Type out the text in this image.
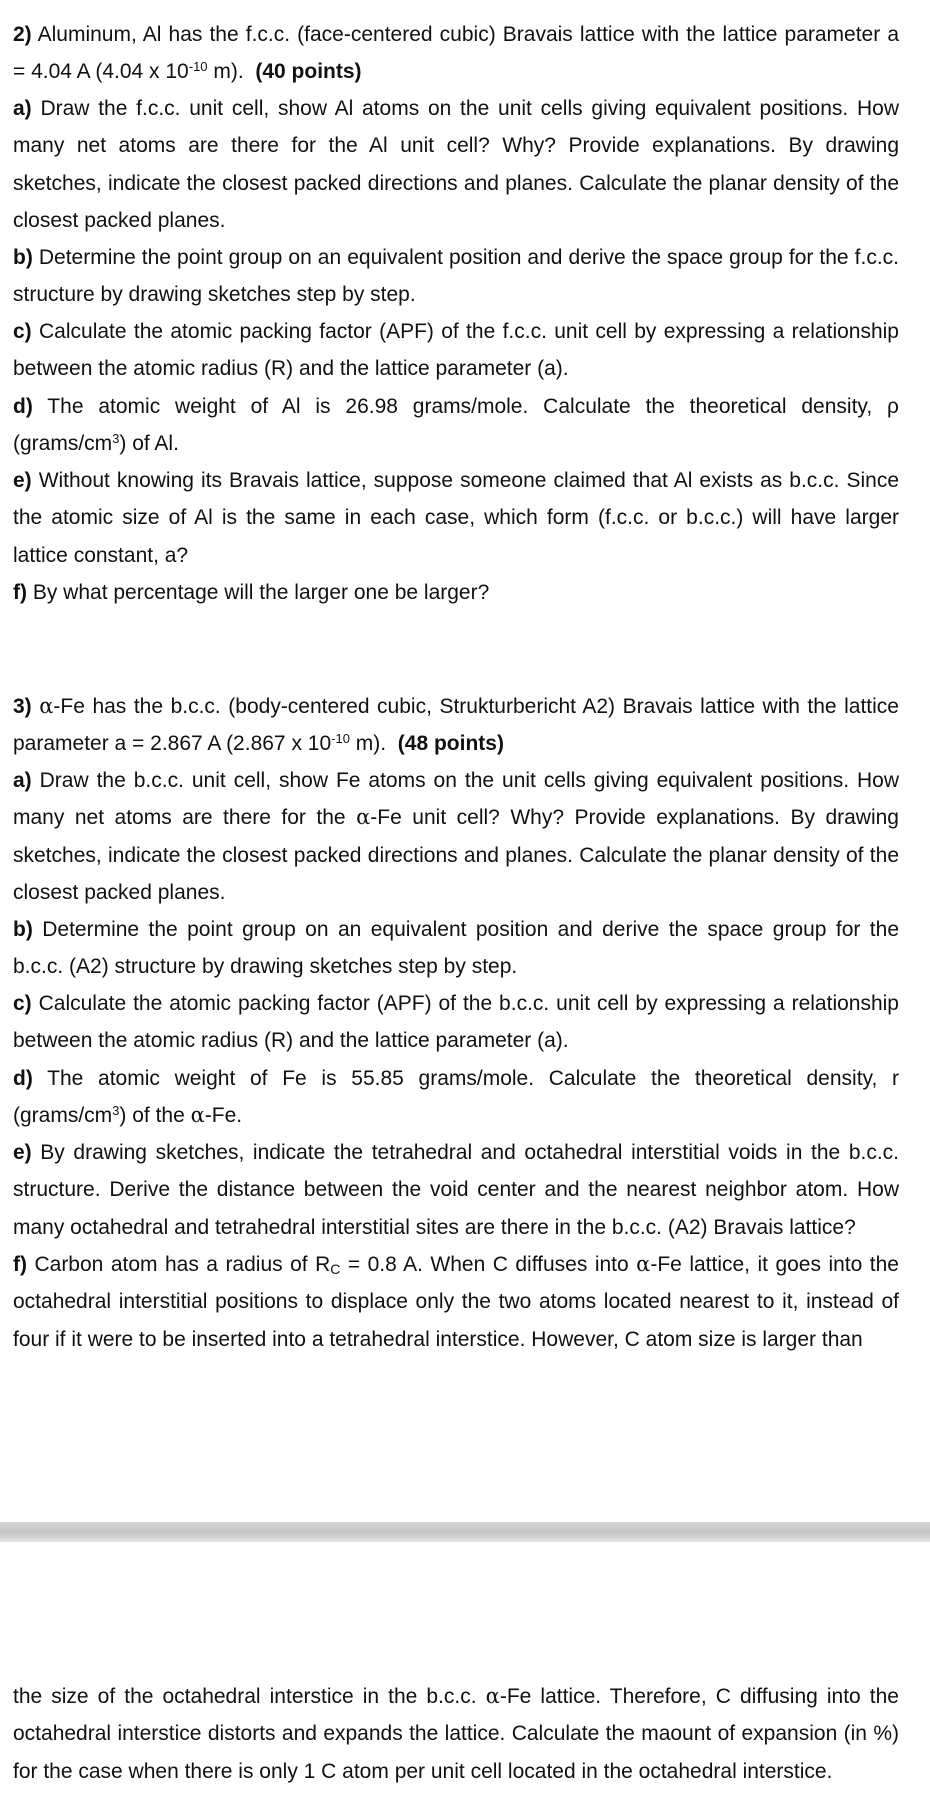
2) Aluminum, Al has the f.c.c. (face-centered cubic) Bravais lattice with the lattice parameter a = 4.04 A (4.04 x $10^{-10}$ m). (40 points)

a) Draw the f.c.c. unit cell, show Al atoms on the unit cells giving equivalent positions. How many net atoms are there for the Al unit cell? Why? Provide explanations. By drawing sketches, indicate the closest packed directions and planes. Calculate the planar density of the closest packed planes.

b) Determine the point group on an equivalent position and derive the space group for the f.c.c. structure by drawing sketches step by step.

c) Calculate the atomic packing factor (APF) of the f.c.c. unit cell by expressing a relationship between the atomic radius (R) and the lattice parameter (a).

d) The atomic weight of Al is 26.98 grams/mole. Calculate the theoretical density, ρ $(grams/cm^3)$ of Al.

e) Without knowing its Bravais lattice, suppose someone claimed that Al exists as b.c.c. Since the atomic size of Al is the same in each case, which form (f.c.c. or b.c.c.) will have larger lattice constant, a?

f) By what percentage will the larger one be larger?

3) α-Fe has the b.c.c. (body-centered cubic, Strukturbericht A2) Bravais lattice with the lattice parameter a = 2.867 A (2.867 x $10^{-10}$ m). (48 points)

a) Draw the b.c.c. unit cell, show Fe atoms on the unit cells giving equivalent positions. How many net atoms are there for the α-Fe unit cell? Why? Provide explanations. By drawing sketches, indicate the closest packed directions and planes. Calculate the planar density of the closest packed planes.

b) Determine the point group on an equivalent position and derive the space group for the b.c.c. (A2) structure by drawing sketches step by step.

c) Calculate the atomic packing factor (APF) of the b.c.c. unit cell by expressing a relationship between the atomic radius (R) and the lattice parameter (a).

d) The atomic weight of Fe is 55.85 grams/mole. Calculate the theoretical density, r $(grams/cm^3)$ of the α-Fe.

e) By drawing sketches, indicate the tetrahedral and octahedral interstitial voids in the b.c.c. structure. Derive the distance between the void center and the nearest neighbor atom. How many octahedral and tetrahedral interstitial sites are there in the b.c.c. (A2) Bravais lattice?

f) Carbon atom has a radius of $R_C = 0.8$ A. When C diffuses into α-Fe lattice, it goes into the octahedral interstitial positions to displace only the two atoms located nearest to it, instead of four if it were to be inserted into a tetrahedral interstice. However, C atom size is larger than

the size of the octahedral interstice in the b.c.c. α-Fe lattice. Therefore, C diffusing into the octahedral interstice distorts and expands the lattice. Calculate the maount of expansion (in %) for the case when there is only 1 C atom per unit cell located in the octahedral interstice.
